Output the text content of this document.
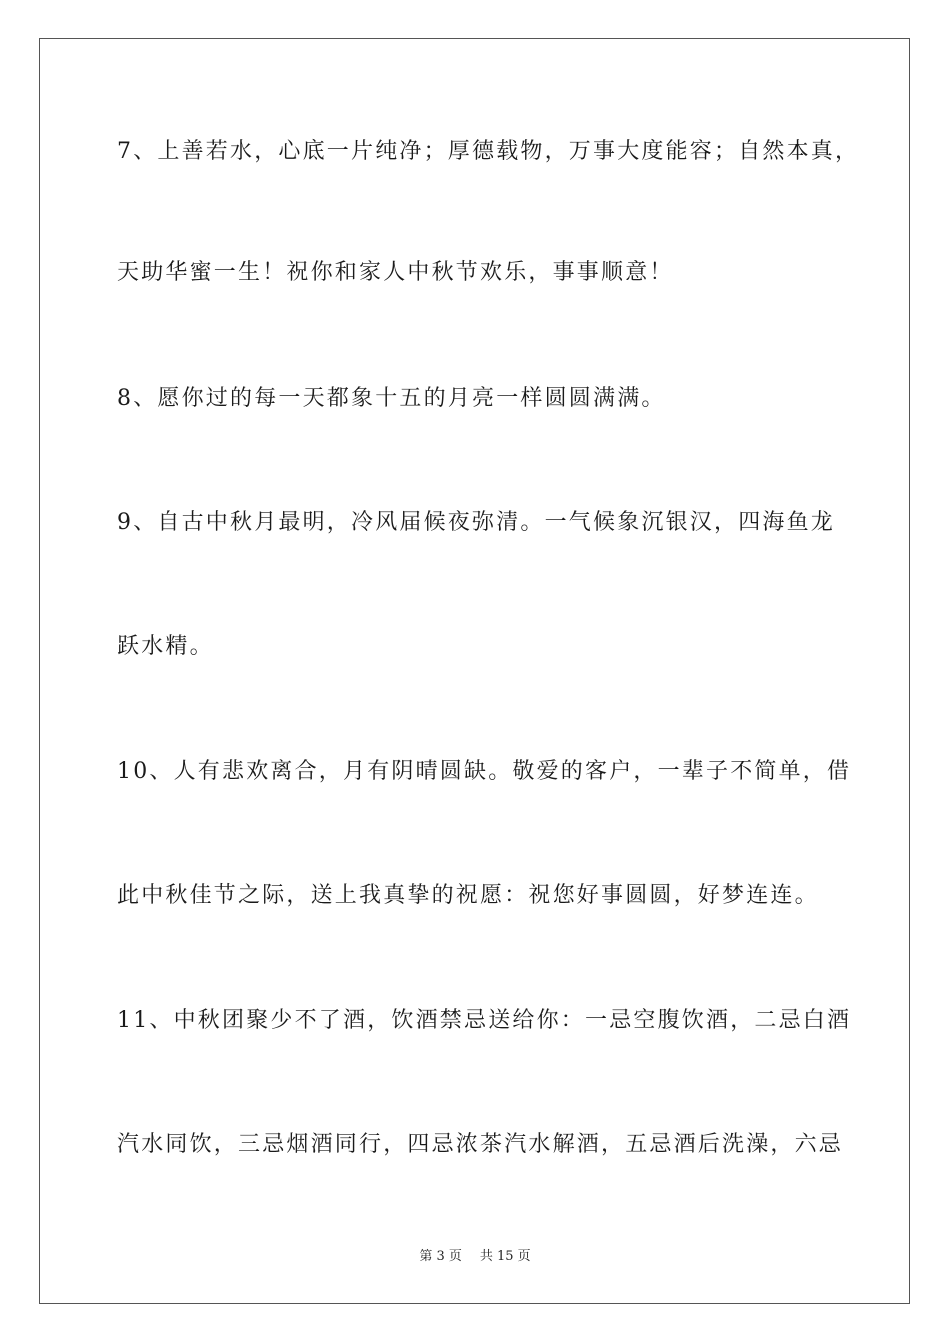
7、上善若水，心底一片纯净；厚德载物，万事大度能容；自然本真，

天助华蜜一生！祝你和家人中秋节欢乐，事事顺意！

8、愿你过的每一天都象十五的月亮一样圆圆满满。

9、自古中秋月最明，冷风届候夜弥清。一气候象沉银汉，四海鱼龙

跃水精。

10、人有悲欢离合，月有阴晴圆缺。敬爱的客户，一辈子不简单，借

此中秋佳节之际，送上我真挚的祝愿：祝您好事圆圆，好梦连连。

11、中秋团聚少不了酒，饮酒禁忌送给你：一忌空腹饮酒，二忌白酒

汽水同饮，三忌烟酒同行，四忌浓茶汽水解酒，五忌酒后洗澡，六忌

第 3 页 共 15 页
